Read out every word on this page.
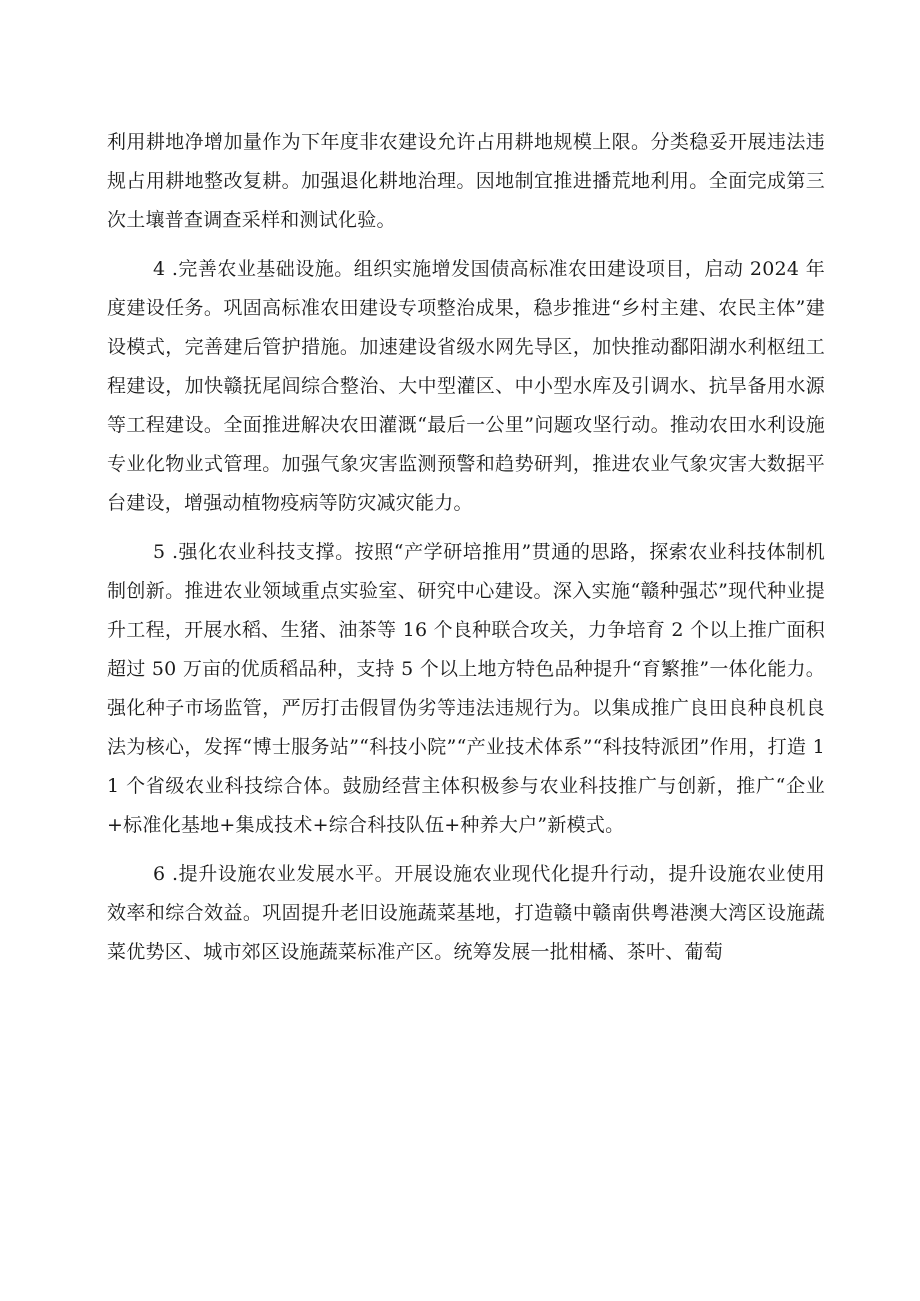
利用耕地净增加量作为下年度非农建设允许占用耕地规模上限。分类稳妥开展违法违规占用耕地整改复耕。加强退化耕地治理。因地制宜推进播荒地利用。全面完成第三次土壤普查调查采样和测试化验。

4 .完善农业基础设施。组织实施增发国债高标准农田建设项目，启动 2024 年度建设任务。巩固高标准农田建设专项整治成果，稳步推进“乡村主建、农民主体”建设模式，完善建后管护措施。加速建设省级水网先导区，加快推动鄱阳湖水利枢纽工程建设，加快赣抚尾闾综合整治、大中型灌区、中小型水库及引调水、抗旱备用水源等工程建设。全面推进解决农田灌溉“最后一公里”问题攻坚行动。推动农田水利设施专业化物业式管理。加强气象灾害监测预警和趋势研判，推进农业气象灾害大数据平台建设，增强动植物疫病等防灾减灾能力。

5 .强化农业科技支撑。按照“产学研培推用”贯通的思路，探索农业科技体制机制创新。推进农业领域重点实验室、研究中心建设。深入实施“赣种强芯”现代种业提升工程，开展水稻、生猪、油茶等 16 个良种联合攻关，力争培育 2 个以上推广面积超过 50 万亩的优质稻品种，支持 5 个以上地方特色品种提升“育繁推”一体化能力。强化种子市场监管，严厉打击假冒伪劣等违法违规行为。以集成推广良田良种良机良法为核心，发挥“博士服务站”“科技小院”“产业技术体系”“科技特派团”作用，打造 11 个省级农业科技综合体。鼓励经营主体积极参与农业科技推广与创新，推广“企业+标准化基地+集成技术+综合科技队伍+种养大户”新模式。

6 .提升设施农业发展水平。开展设施农业现代化提升行动，提升设施农业使用效率和综合效益。巩固提升老旧设施蔬菜基地，打造赣中赣南供粤港澳大湾区设施蔬菜优势区、城市郊区设施蔬菜标准产区。统筹发展一批柑橘、茶叶、葡萄
